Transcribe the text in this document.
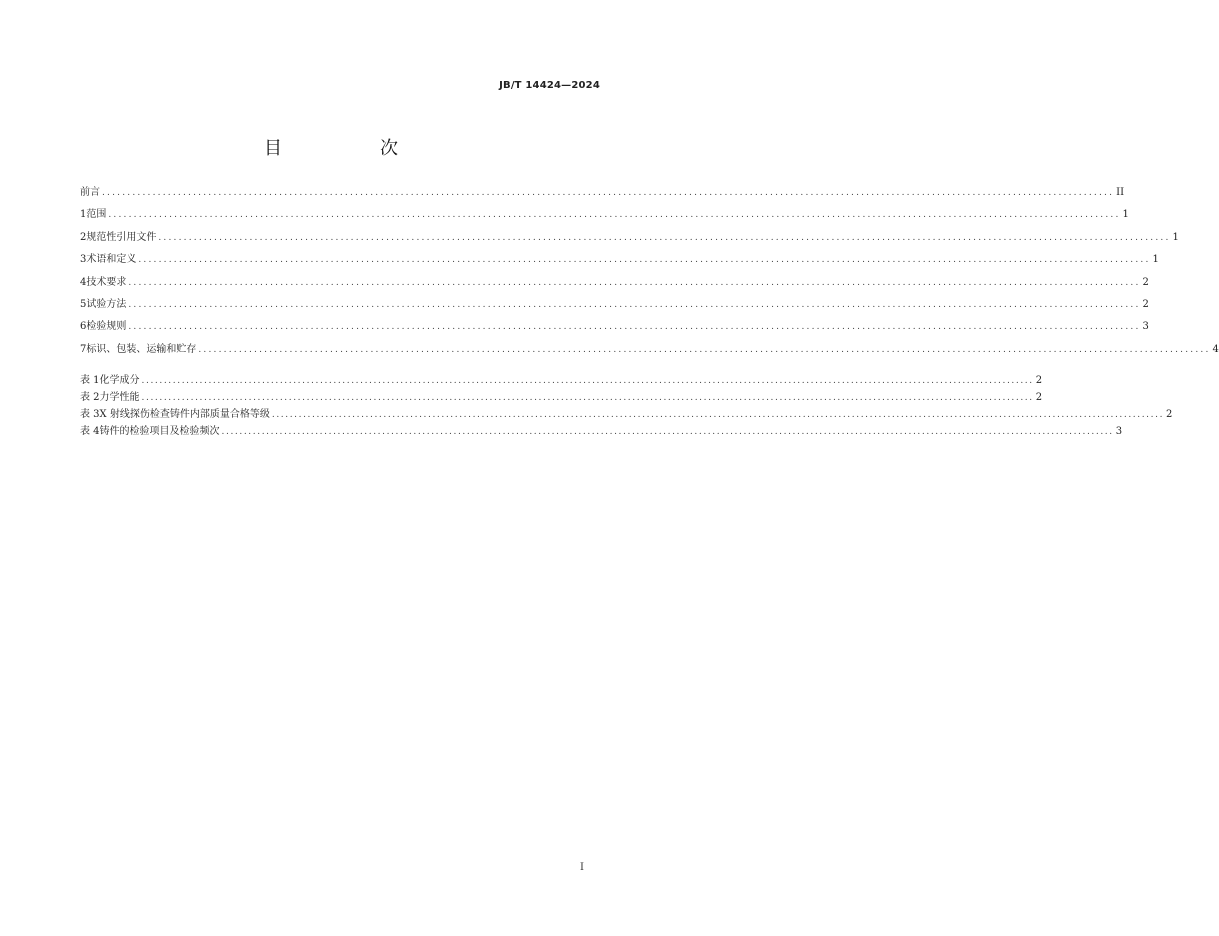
JB/T 14424—2024
目　次
前言 ........................................................................................................................................................................................................ II
1 范围 ........................................................................................................................................................................................................ 1
2 规范性引用文件 ........................................................................................................................................................................................................ 1
3 术语和定义 ........................................................................................................................................................................................................ 1
4 技术要求 ........................................................................................................................................................................................................ 2
5 试验方法 ........................................................................................................................................................................................................ 2
6 检验规则 ........................................................................................................................................................................................................ 3
7 标识、包装、运输和贮存 ........................................................................................................................................................................................................ 4
表 1 化学成分 ........................................................................................................................................................................................................ 2
表 2 力学性能 ........................................................................................................................................................................................................ 2
表 3 X 射线探伤检查铸件内部质量合格等级 ........................................................................................................................................................................................................ 2
表 4 铸件的检验项目及检验频次 ........................................................................................................................................................................................................ 3
I
